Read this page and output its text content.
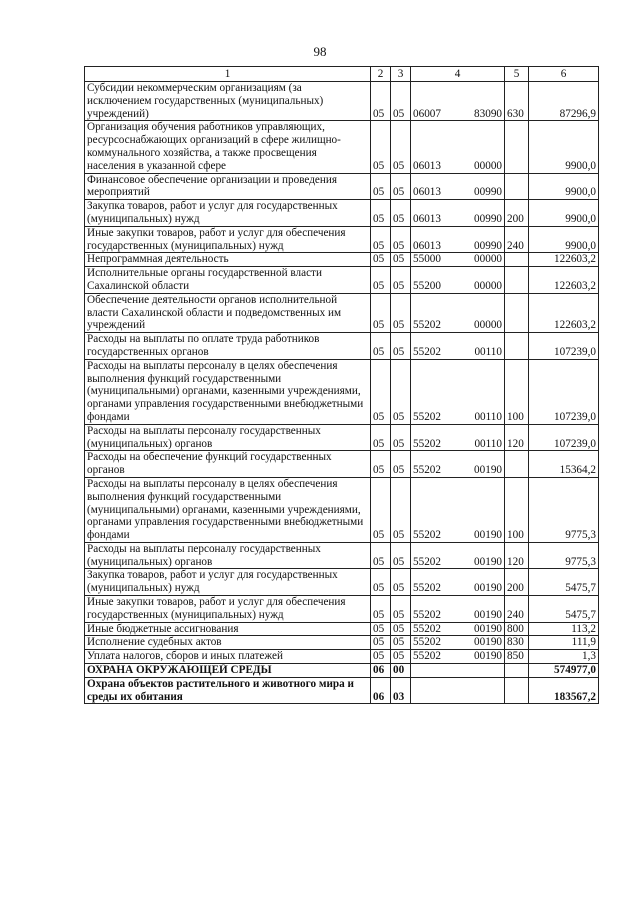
98
1	2	3	4	5	6
Субсидии некоммерческим организациям (за исключением государственных (муниципальных) учреждений)	05	05	06007 83090	630	87296,9
Организация обучения работников управляющих, ресурсоснабжающих организаций в сфере жилищно-коммунального хозяйства, а также просвещения населения в указанной сфере	05	05	06013 00000		9900,0
Финансовое обеспечение организации и проведения мероприятий	05	05	06013 00990		9900,0
Закупка товаров, работ и услуг для государственных (муниципальных) нужд	05	05	06013 00990	200	9900,0
Иные закупки товаров, работ и услуг для обеспечения государственных (муниципальных) нужд	05	05	06013 00990	240	9900,0
Непрограммная деятельность	05	05	55000 00000		122603,2
Исполнительные органы государственной власти Сахалинской области	05	05	55200 00000		122603,2
Обеспечение деятельности органов исполнительной власти Сахалинской области и подведомственных им учреждений	05	05	55202 00000		122603,2
Расходы на выплаты по оплате труда работников государственных органов	05	05	55202 00110		107239,0
Расходы на выплаты персоналу в целях обеспечения выполнения функций государственными (муниципальными) органами, казенными учреждениями, органами управления государственными внебюджетными фондами	05	05	55202 00110	100	107239,0
Расходы на выплаты персоналу государственных (муниципальных) органов	05	05	55202 00110	120	107239,0
Расходы на обеспечение функций государственных органов	05	05	55202 00190		15364,2
Расходы на выплаты персоналу в целях обеспечения выполнения функций государственными (муниципальными) органами, казенными учреждениями, органами управления государственными внебюджетными фондами	05	05	55202 00190	100	9775,3
Расходы на выплаты персоналу государственных (муниципальных) органов	05	05	55202 00190	120	9775,3
Закупка товаров, работ и услуг для государственных (муниципальных) нужд	05	05	55202 00190	200	5475,7
Иные закупки товаров, работ и услуг для обеспечения государственных (муниципальных) нужд	05	05	55202 00190	240	5475,7
Иные бюджетные ассигнования	05	05	55202 00190	800	113,2
Исполнение судебных актов	05	05	55202 00190	830	111,9
Уплата налогов, сборов и иных платежей	05	05	55202 00190	850	1,3
ОХРАНА ОКРУЖАЮЩЕЙ СРЕДЫ	06	00			574977,0
Охрана объектов растительного и животного мира и среды их обитания	06	03			183567,2
